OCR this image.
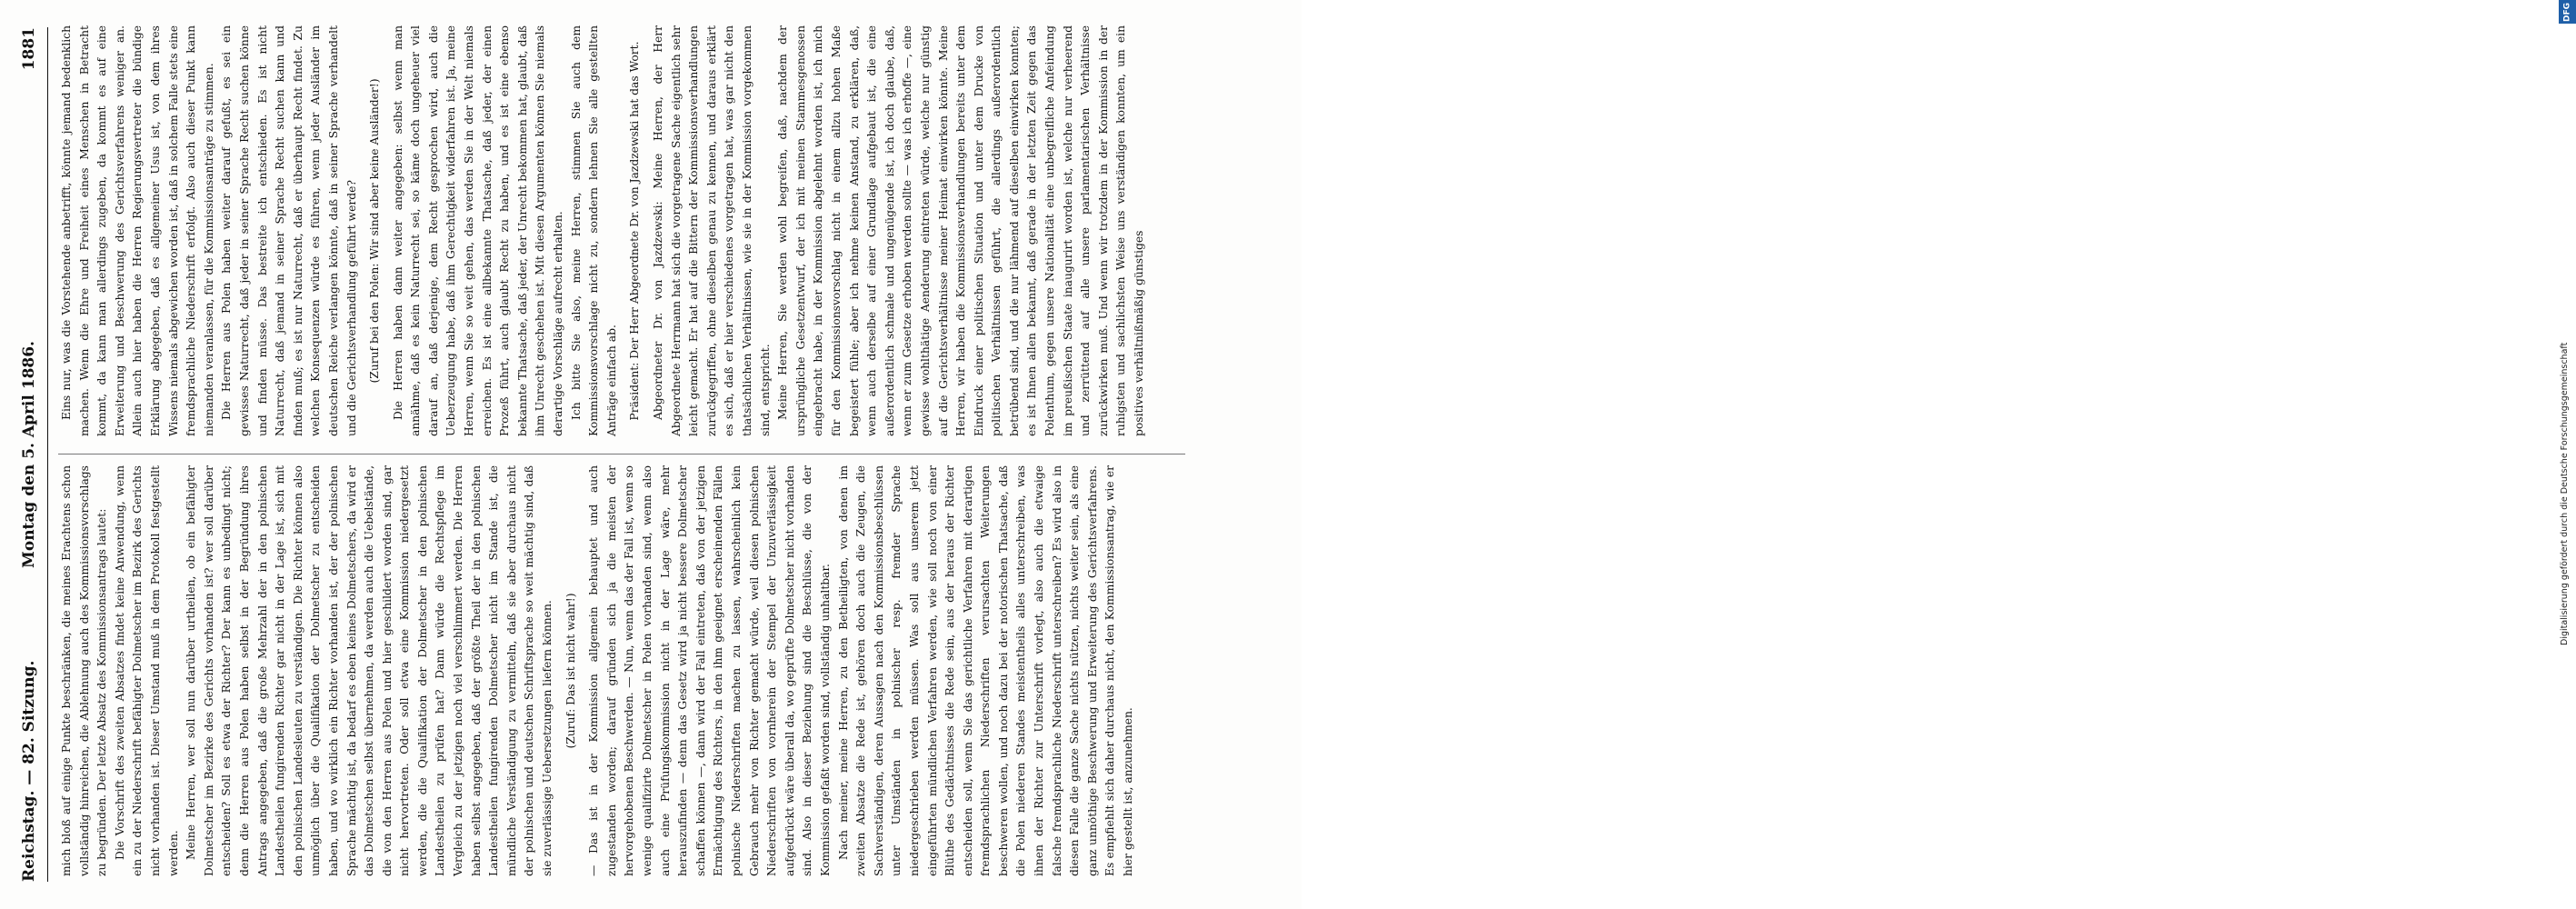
Reichstag. — 82. Sitzung.
Montag den 5. April 1886.
1881

mich bloß auf einige Punkte beschränken, die meines Erachtens schon vollständig hinreichen, die Ablehnung auch des Kommissionsvorschlags zu begründen. Der letzte Absatz des Kommissionsantrags lautet: Die Vorschrift des zweiten Absatzes findet keine Anwendung, wenn ein zu der Niederschrift befähigter Dolmetscher im Bezirk des Gerichts nicht vorhanden ist. Dieser Umstand muß in dem Protokoll festgestellt werden. Meine Herren, wer soll nun darüber urtheilen, ob ein befähigter Dolmetscher im Bezirke des Gerichts vorhanden ist? wer soll darüber entscheiden? Soll es etwa der Richter? Der kann es unbedingt nicht; denn die Herren aus Polen haben selbst in der Begründung ihres Antrags angegeben, daß die große Mehrzahl der in den polnischen Landestheilen fungirenden Richter gar nicht in der Lage ist, sich mit den polnischen Landesleuten zu verständigen. Die Richter können also unmöglich über die Qualifikation der Dolmetscher zu entscheiden haben, und wo wirklich ein Richter vorhanden ist, der der polnischen Sprache mächtig ist, da bedarf es eben keines Dolmetschers, da wird er das Dolmetschen selbst übernehmen, da werden auch die Uebelstände, die von den Herren aus Polen und hier geschildert worden sind, gar nicht hervortreten. Oder soll etwa eine Kommission niedergesetzt werden, die die Qualifikation der Dolmetscher in den polnischen Landestheilen zu prüfen hat? Dann würde die Rechtspflege im Vergleich zu der jetzigen noch viel verschlimmert werden. Die Herren haben selbst angegeben, daß der größte Theil der in den polnischen Landestheilen fungirenden Dolmetscher nicht im Stande ist, die mündliche Verständigung zu vermitteln, daß sie aber durchaus nicht der polnischen und deutschen Schriftsprache so weit mächtig sind, daß sie zuverlässige Uebersetzungen liefern können. (Zuruf: Das ist nicht wahr!) — Das ist in der Kommission allgemein behauptet und auch zugestanden worden; darauf gründen sich ja die meisten der hervorgehobenen Beschwerden. — Nun, wenn das der Fall ist, wenn so wenige qualifizirte Dolmetscher in Polen vorhanden sind, wenn also auch eine Prüfungskommission nicht in der Lage wäre, mehr herauszufinden — denn das Gesetz wird ja nicht bessere Dolmetscher schaffen können —, dann wird der Fall eintreten, daß von der jetzigen Ermächtigung des Richters, in den ihm geeignet erscheinenden Fällen polnische Niederschriften machen zu lassen, wahrscheinlich kein Gebrauch mehr von Richter gemacht würde, weil diesen polnischen Niederschriften von vornherein der Stempel der Unzuverlässigkeit aufgedrückt wäre überall da, wo geprüfte Dolmetscher nicht vorhanden sind. Also in dieser Beziehung sind die Beschlüsse, die von der Kommission gefaßt worden sind, vollständig unhaltbar. Nach meiner, meine Herren, zu den Betheiligten, von denen im zweiten Absatze die Rede ist, gehören doch auch die Zeugen, die Sachverständigen, deren Aussagen nach den Kommissionsbeschlüssen unter Umständen in polnischer resp. fremder Sprache niedergeschrieben werden müssen. Was soll aus unserem jetzt eingeführten mündlichen Verfahren werden, wie soll noch von einer Blüthe des Gedächtnisses die Rede sein, aus der heraus der Richter entscheiden soll, wenn Sie das gerichtliche Verfahren mit derartigen fremdsprachlichen Niederschriften verursachten Weiterungen beschweren wollen, und noch dazu bei der notorischen Thatsache, daß die Polen niederen Standes meistentheils alles unterschreiben, was ihnen der Richter zur Unterschrift vorlegt, also auch die etwaige falsche fremdsprachliche Niederschrift unterschreiben? Es wird also in diesen Falle die ganze Sache nichts nützen, nichts weiter sein, als eine ganz unnöthige Beschwerung und Erweiterung des Gerichtsverfahrens. Es empfiehlt sich daher durchaus nicht, den Kommissionsantrag, wie er hier gestellt ist, anzunehmen.

Eins nur, was die Vorstehende anbetrifft, könnte jemand bedenklich machen. Wenn die Ehre und Freiheit eines Menschen in Betracht kommt, da kann man allerdings zugeben, da kommt es auf eine Erweiterung und Beschwerung des Gerichtsverfahrens weniger an. Allein auch hier haben die Herren Regierungsvertreter die bündige Erklärung abgegeben, daß es allgemeiner Usus ist, von dem ihres Wissens niemals abgewichen worden ist, daß in solchem Falle stets eine fremdsprachliche Niederschrift erfolgt. Also auch dieser Punkt kann niemanden veranlassen, für die Kommissionsanträge zu stimmen. Die Herren aus Polen haben weiter darauf gefußt, es sei ein gewisses Naturrecht, daß jeder in seiner Sprache Recht suchen könne und finden müsse. Das bestreite ich entschieden. Es ist nicht Naturrecht, daß jemand in seiner Sprache Recht suchen kann und finden muß; es ist nur Naturrecht, daß er überhaupt Recht findet. Zu welchen Konsequenzen würde es führen, wenn jeder Ausländer im deutschen Reiche verlangen könnte, daß in seiner Sprache verhandelt und die Gerichtsverhandlung geführt werde? (Zuruf bei den Polen: Wir sind aber keine Ausländer!) Die Herren haben dann weiter angegeben: selbst wenn man annähme, daß es kein Naturrecht sei, so käme doch ungeheuer viel darauf an, daß derjenige, dem Recht gesprochen wird, auch die Ueberzeugung habe, daß ihm Gerechtigkeit widerfahren ist. Ja, meine Herren, wenn Sie so weit gehen, das werden Sie in der Welt niemals erreichen. Es ist eine allbekannte Thatsache, daß jeder, der einen Prozeß führt, auch glaubt Recht zu haben, und es ist eine ebenso bekannte Thatsache, daß jeder, der Unrecht bekommen hat, glaubt, daß ihm Unrecht geschehen ist. Mit diesen Argumenten können Sie niemals derartige Vorschläge aufrecht erhalten. Ich bitte Sie also, meine Herren, stimmen Sie auch dem Kommissionsvorschlage nicht zu, sondern lehnen Sie alle gestellten Anträge einfach ab. Präsident: Der Herr Abgeordnete Dr. von Jazdzewski hat das Wort. Abgeordneter Dr. von Jazdzewski: Meine Herren, der Herr Abgeordnete Herrmann hat sich die vorgetragene Sache eigentlich sehr leicht gemacht. Er hat auf die Bittern der Kommissionsverhandlungen zurückgegriffen, ohne dieselben genau zu kennen, und daraus erklärt es sich, daß er hier verschiedenes vorgetragen hat, was gar nicht den thatsächlichen Verhältnissen, wie sie in der Kommission vorgekommen sind, entspricht. Meine Herren, Sie werden wohl begreifen, daß, nachdem der ursprüngliche Gesetzentwurf, der ich mit meinen Stammesgenossen eingebracht habe, in der Kommission abgelehnt worden ist, ich mich für den Kommissionsvorschlag nicht in einem allzu hohen Maße begeistert fühle; aber ich nehme keinen Anstand, zu erklären, daß, wenn auch derselbe auf einer Grundlage aufgebaut ist, die eine außerordentlich schmale und ungenügende ist, ich doch glaube, daß, wenn er zum Gesetze erhoben werden sollte — was ich erhoffe —, eine gewisse wohlthätige Aenderung eintreten würde, welche nur günstig auf die Gerichtsverhältnisse meiner Heimat einwirken könnte. Meine Herren, wir haben die Kommissionsverhandlungen bereits unter dem Eindruck einer politischen Situation und unter dem Drucke von politischen Verhältnissen geführt, die allerdings außerordentlich betrübend sind, und die nur lähmend auf dieselben einwirken konnten; es ist Ihnen allen bekannt, daß gerade in der letzten Zeit gegen das Polenthum, gegen unsere Nationalität eine unbegreifliche Anfeindung im preußischen Staate inaugurirt worden ist, welche nur verheerend und zerrüttend auf alle unsere parlamentarischen Verhältnisse zurückwirken muß. Und wenn wir trotzdem in der Kommission in der ruhigsten und sachlichsten Weise uns verständigen konnten, um ein positives verhältnißmäßig günstiges

DFG
Digitalisierung gefördert durch die Deutsche Forschungsgemeinschaft
